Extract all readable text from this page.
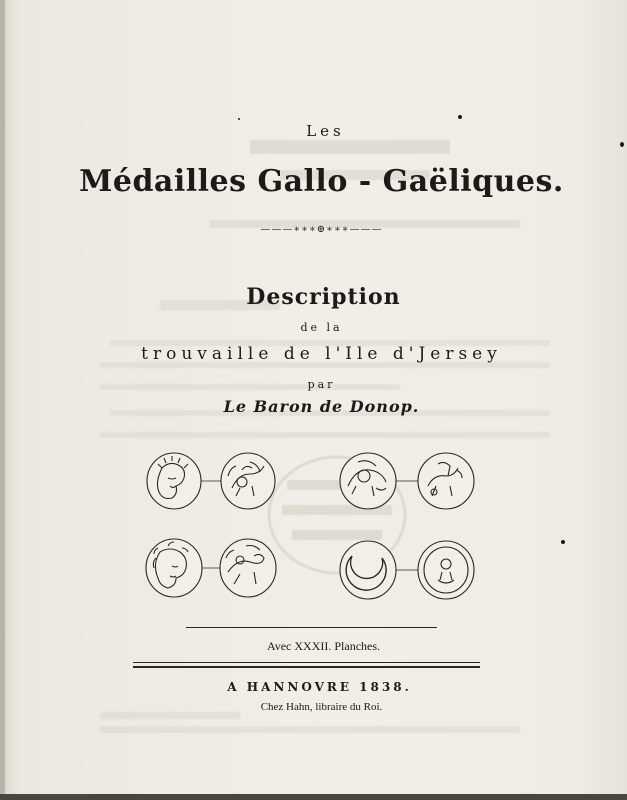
Les
Médailles Gallo - Gaëliques.
———∗∗∗⊕∗∗∗———
Description
de la
trouvaille de l'Ile d'Jersey
par
Le Baron de Donop.
Avec XXXII. Planches.
A HANNOVRE 1838.
Chez Hahn, libraire du Roi.
